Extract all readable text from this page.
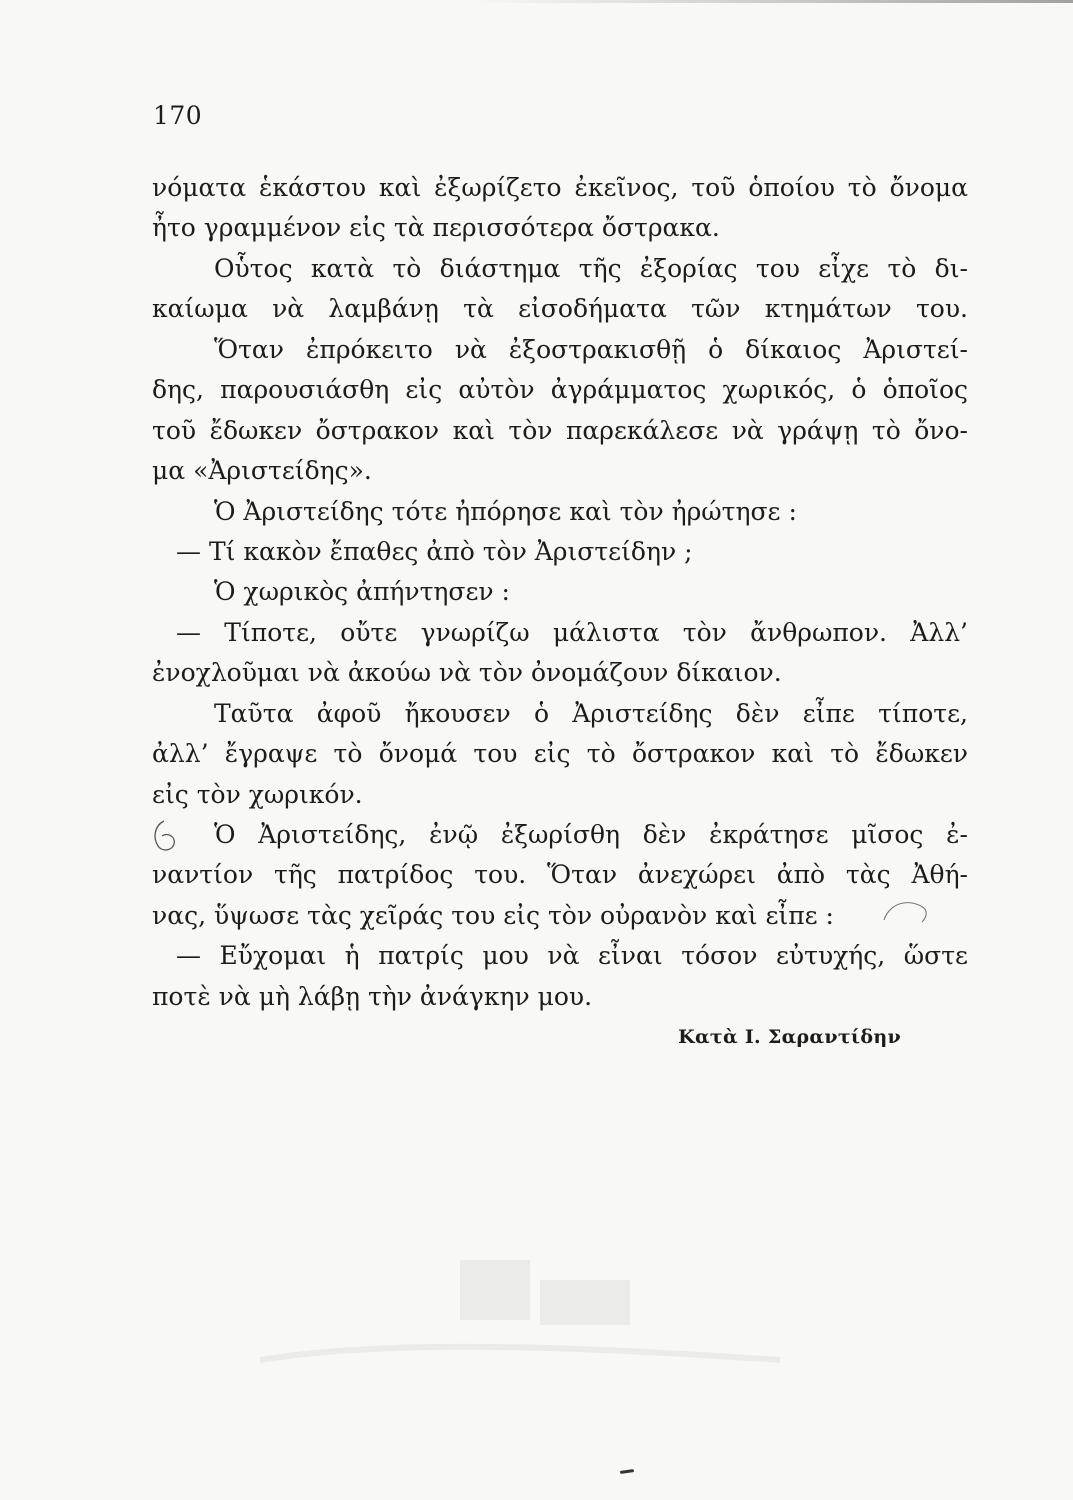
170
νόματα ἑκάστου καὶ ἐξωρίζετο ἐκεῖνος, τοῦ ὁποίου τὸ ὄνομα
ἦτο γραμμένον εἰς τὰ περισσότερα ὄστρακα.
Οὗτος κατὰ τὸ διάστημα τῆς ἐξορίας του εἶχε τὸ δι-
καίωμα νὰ λαμβάνῃ τὰ εἰσοδήματα τῶν κτημάτων του.
Ὅταν ἐπρόκειτο νὰ ἐξοστρακισθῇ ὁ δίκαιος Ἀριστεί-
δης, παρουσιάσθη εἰς αὐτὸν ἀγράμματος χωρικός, ὁ ὁποῖος
τοῦ ἔδωκεν ὄστρακον καὶ τὸν παρεκάλεσε νὰ γράψῃ τὸ ὄνο-
μα «Ἀριστείδης».
Ὁ Ἀριστείδης τότε ἠπόρησε καὶ τὸν ἠρώτησε :
— Τί κακὸν ἔπαθες ἀπὸ τὸν Ἀριστείδην ;
Ὁ χωρικὸς ἀπήντησεν :
— Τίποτε, οὔτε γνωρίζω μάλιστα τὸν ἄνθρωπον. Ἀλλ’
ἐνοχλοῦμαι νὰ ἀκούω νὰ τὸν ὀνομάζουν δίκαιον.
Ταῦτα ἀφοῦ ἤκουσεν ὁ Ἀριστείδης δὲν εἶπε τίποτε,
ἀλλ’ ἔγραψε τὸ ὄνομά του εἰς τὸ ὄστρακον καὶ τὸ ἔδωκεν
εἰς τὸν χωρικόν.
Ὁ Ἀριστείδης, ἐνῷ ἐξωρίσθη δὲν ἐκράτησε μῖσος ἐ-
ναντίον τῆς πατρίδος του. Ὅταν ἀνεχώρει ἀπὸ τὰς Ἀθή-
νας, ὕψωσε τὰς χεῖράς του εἰς τὸν οὐρανὸν καὶ εἶπε :
— Εὔχομαι ἡ πατρίς μου νὰ εἶναι τόσον εὐτυχής, ὥστε
ποτὲ νὰ μὴ λάβῃ τὴν ἀνάγκην μου.
Κατὰ Ι. Σαραντίδην
